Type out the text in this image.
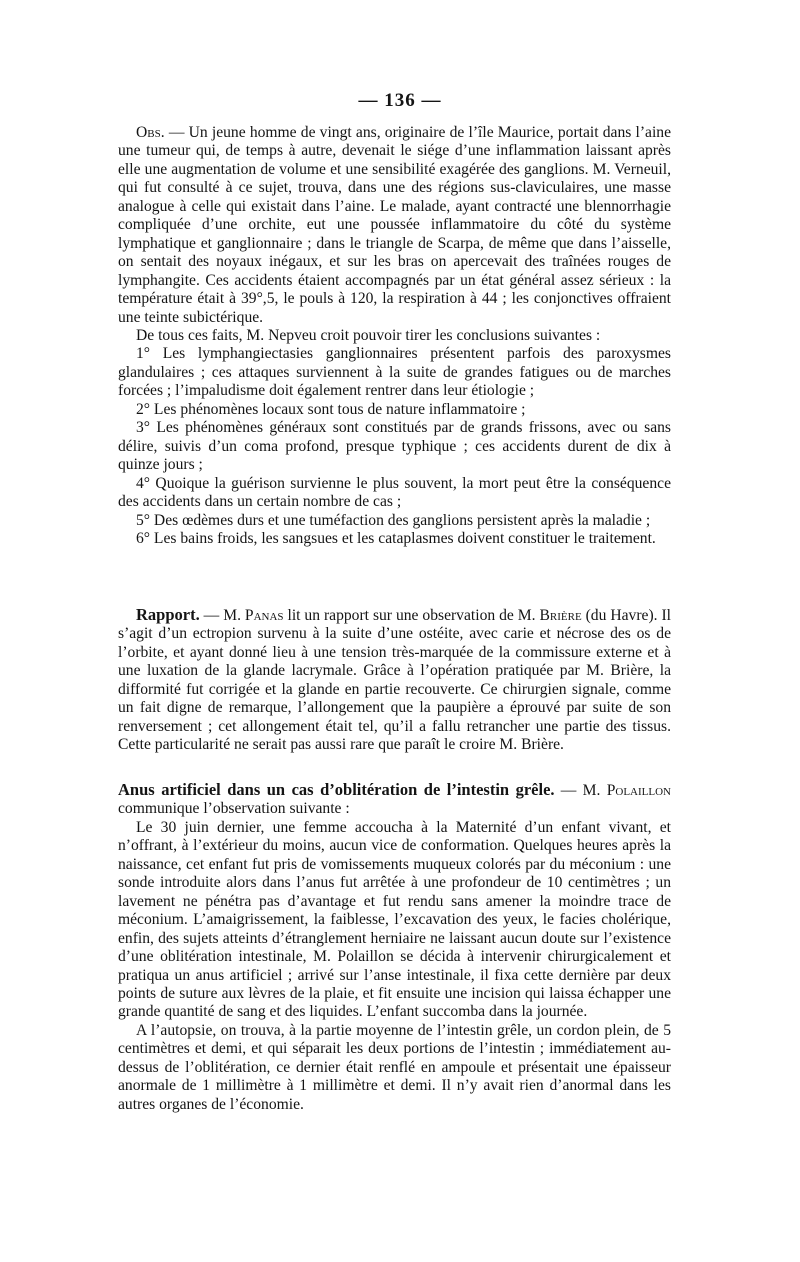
— 136 —

Obs. — Un jeune homme de vingt ans, originaire de l’île Maurice, portait dans l’aine une tumeur qui, de temps à autre, devenait le siége d’une inflammation laissant après elle une augmentation de volume et une sensibilité exagérée des ganglions. M. Verneuil, qui fut consulté à ce sujet, trouva, dans une des régions sus-claviculaires, une masse analogue à celle qui existait dans l’aine. Le malade, ayant contracté une blennorrhagie compliquée d’une orchite, eut une poussée inflammatoire du côté du système lymphatique et ganglionnaire ; dans le triangle de Scarpa, de même que dans l’aisselle, on sentait des noyaux inégaux, et sur les bras on apercevait des traînées rouges de lymphangite. Ces accidents étaient accompagnés par un état général assez sérieux : la température était à 39°,5, le pouls à 120, la respiration à 44 ; les conjonctives offraient une teinte subictérique.

De tous ces faits, M. Nepveu croit pouvoir tirer les conclusions suivantes :

1° Les lymphangiectasies ganglionnaires présentent parfois des paroxysmes glandulaires ; ces attaques surviennent à la suite de grandes fatigues ou de marches forcées ; l’impaludisme doit également rentrer dans leur étiologie ;

2° Les phénomènes locaux sont tous de nature inflammatoire ;

3° Les phénomènes généraux sont constitués par de grands frissons, avec ou sans délire, suivis d’un coma profond, presque typhique ; ces accidents durent de dix à quinze jours ;

4° Quoique la guérison survienne le plus souvent, la mort peut être la conséquence des accidents dans un certain nombre de cas ;

5° Des œdèmes durs et une tuméfaction des ganglions persistent après la maladie ;

6° Les bains froids, les sangsues et les cataplasmes doivent constituer le traitement.

Rapport. — M. Panas lit un rapport sur une observation de M. Brière (du Havre). Il s’agit d’un ectropion survenu à la suite d’une ostéite, avec carie et nécrose des os de l’orbite, et ayant donné lieu à une tension très-marquée de la commissure externe et à une luxation de la glande lacrymale. Grâce à l’opération pratiquée par M. Brière, la difformité fut corrigée et la glande en partie recouverte. Ce chirurgien signale, comme un fait digne de remarque, l’allongement que la paupière a éprouvé par suite de son renversement ; cet allongement était tel, qu’il a fallu retrancher une partie des tissus. Cette particularité ne serait pas aussi rare que paraît le croire M. Brière.

Anus artificiel dans un cas d’oblitération de l’intestin grêle. — M. Polaillon communique l’observation suivante :

Le 30 juin dernier, une femme accoucha à la Maternité d’un enfant vivant, et n’offrant, à l’extérieur du moins, aucun vice de conformation. Quelques heures après la naissance, cet enfant fut pris de vomissements muqueux colorés par du méconium : une sonde introduite alors dans l’anus fut arrêtée à une profondeur de 10 centimètres ; un lavement ne pénétra pas d’avantage et fut rendu sans amener la moindre trace de méconium. L’amaigrissement, la faiblesse, l’excavation des yeux, le facies cholérique, enfin, des sujets atteints d’étranglement herniaire ne laissant aucun doute sur l’existence d’une oblitération intestinale, M. Polaillon se décida à intervenir chirurgicalement et pratiqua un anus artificiel ; arrivé sur l’anse intestinale, il fixa cette dernière par deux points de suture aux lèvres de la plaie, et fit ensuite une incision qui laissa échapper une grande quantité de sang et des liquides. L’enfant succomba dans la journée.

A l’autopsie, on trouva, à la partie moyenne de l’intestin grêle, un cordon plein, de 5 centimètres et demi, et qui séparait les deux portions de l’intestin ; immédiatement au-dessus de l’oblitération, ce dernier était renflé en ampoule et présentait une épaisseur anormale de 1 millimètre à 1 millimètre et demi. Il n’y avait rien d’anormal dans les autres organes de l’économie.
